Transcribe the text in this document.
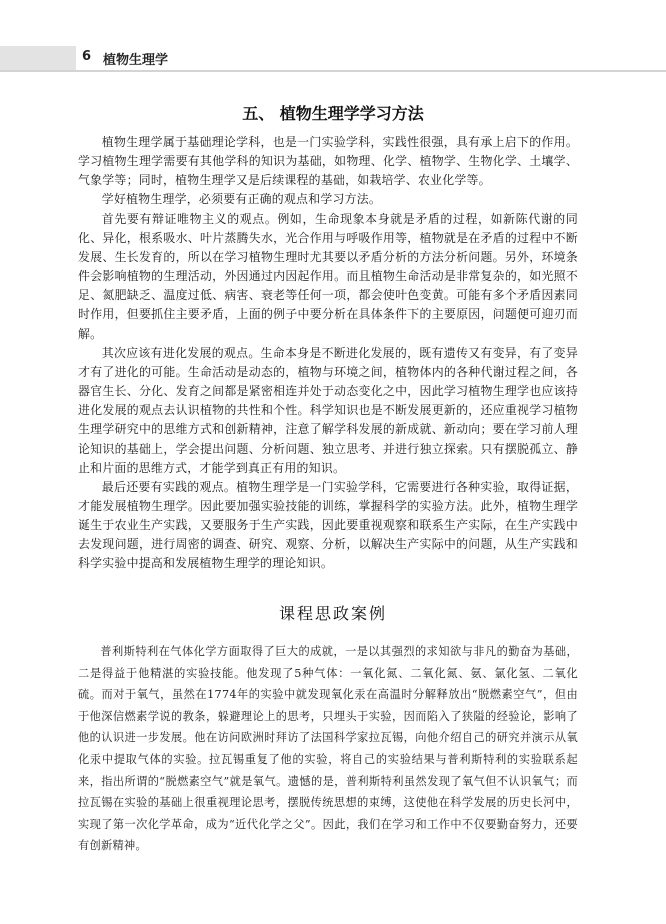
6 植物生理学
五、 植物生理学学习方法

植物生理学属于基础理论学科，也是一门实验学科，实践性很强，具有承上启下的作用。学习植物生理学需要有其他学科的知识为基础，如物理、化学、植物学、生物化学、土壤学、气象学等；同时，植物生理学又是后续课程的基础，如栽培学、农业化学等。

学好植物生理学，必须要有正确的观点和学习方法。

首先要有辩证唯物主义的观点。例如，生命现象本身就是矛盾的过程，如新陈代谢的同化、异化，根系吸水、叶片蒸腾失水，光合作用与呼吸作用等，植物就是在矛盾的过程中不断发展、生长发育的，所以在学习植物生理时尤其要以矛盾分析的方法分析问题。另外，环境条件会影响植物的生理活动，外因通过内因起作用。而且植物生命活动是非常复杂的，如光照不足、氮肥缺乏、温度过低、病害、衰老等任何一项，都会使叶色变黄。可能有多个矛盾因素同时作用，但要抓住主要矛盾，上面的例子中要分析在具体条件下的主要原因，问题便可迎刃而解。

其次应该有进化发展的观点。生命本身是不断进化发展的，既有遗传又有变异，有了变异才有了进化的可能。生命活动是动态的，植物与环境之间，植物体内的各种代谢过程之间，各器官生长、分化、发育之间都是紧密相连并处于动态变化之中，因此学习植物生理学也应该持进化发展的观点去认识植物的共性和个性。科学知识也是不断发展更新的，还应重视学习植物生理学研究中的思维方式和创新精神，注意了解学科发展的新成就、新动向；要在学习前人理论知识的基础上，学会提出问题、分析问题、独立思考、并进行独立探索。只有摆脱孤立、静止和片面的思维方式，才能学到真正有用的知识。

最后还要有实践的观点。植物生理学是一门实验学科，它需要进行各种实验，取得证据，才能发展植物生理学。因此要加强实验技能的训练，掌握科学的实验方法。此外，植物生理学诞生于农业生产实践，又要服务于生产实践，因此要重视观察和联系生产实际，在生产实践中去发现问题，进行周密的调查、研究、观察、分析，以解决生产实际中的问题，从生产实践和科学实验中提高和发展植物生理学的理论知识。

课程思政案例

普利斯特利在气体化学方面取得了巨大的成就，一是以其强烈的求知欲与非凡的勤奋为基础，二是得益于他精湛的实验技能。他发现了5种气体：一氧化氮、二氧化氮、氨、氯化氢、二氧化硫。而对于氧气，虽然在1774年的实验中就发现氧化汞在高温时分解释放出“脱燃素空气”，但由于他深信燃素学说的教条，躲避理论上的思考，只埋头于实验，因而陷入了狭隘的经验论，影响了他的认识进一步发展。他在访问欧洲时拜访了法国科学家拉瓦锡，向他介绍自己的研究并演示从氧化汞中提取气体的实验。拉瓦锡重复了他的实验，将自己的实验结果与普利斯特利的实验联系起来，指出所谓的“脱燃素空气”就是氧气。遗憾的是，普利斯特利虽然发现了氧气但不认识氧气；而拉瓦锡在实验的基础上很重视理论思考，摆脱传统思想的束缚，这使他在科学发展的历史长河中，实现了第一次化学革命，成为“近代化学之父”。因此，我们在学习和工作中不仅要勤奋努力，还要有创新精神。
